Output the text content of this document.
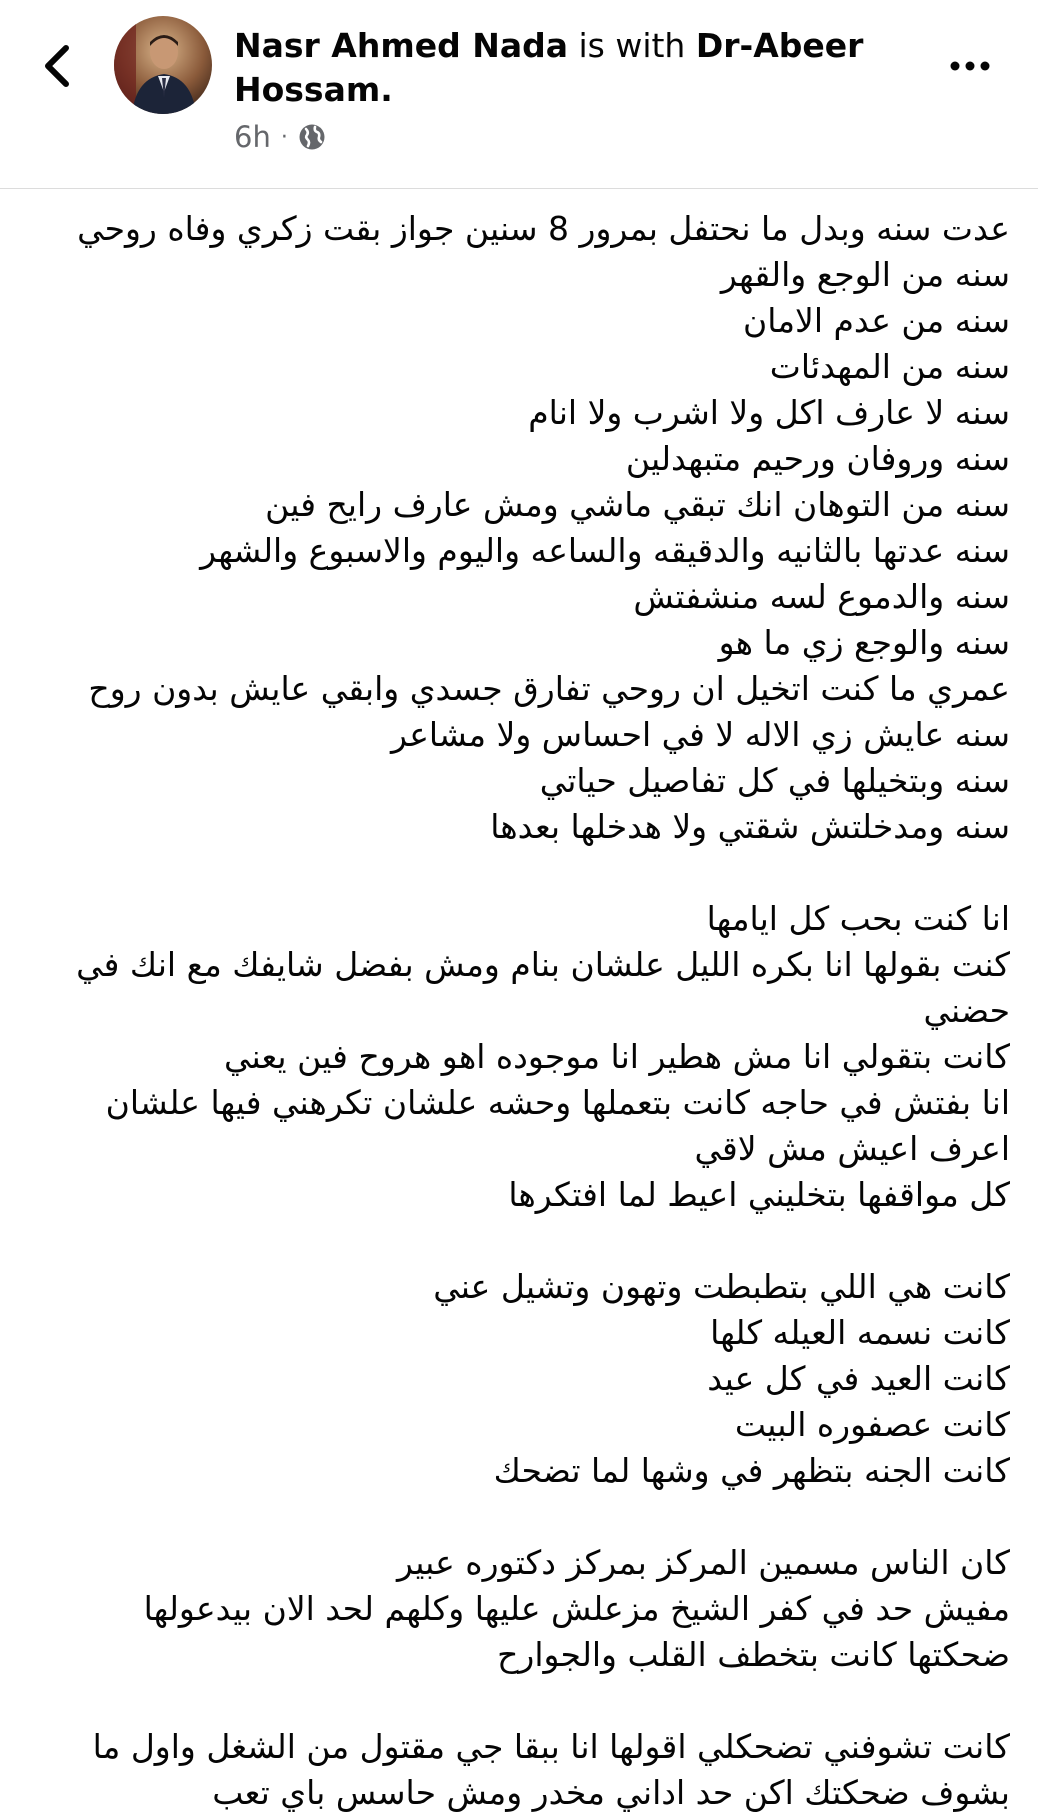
Nasr Ahmed Nada is with Dr-Abeer

Hossam.

6h ·

عدت سنه وبدل ما نحتفل بمرور 8 سنين جواز بقت زكري وفاه روحي

سنه من الوجع والقهر

سنه من عدم الامان

سنه من المهدئات

سنه لا عارف اكل ولا اشرب ولا انام

سنه وروفان ورحيم متبهدلين

سنه من التوهان انك تبقي ماشي ومش عارف رايح فين

سنه عدتها بالثانيه والدقيقه والساعه واليوم والاسبوع والشهر

سنه والدموع لسه منشفتش

سنه والوجع زي ما هو

عمري ما كنت اتخيل ان روحي تفارق جسدي وابقي عايش بدون روح

سنه عايش زي الاله لا في احساس ولا مشاعر

سنه وبتخيلها في كل تفاصيل حياتي

سنه ومدخلتش شقتي ولا هدخلها بعدها

انا كنت بحب كل ايامها

كنت بقولها انا بكره الليل علشان بنام ومش بفضل شايفك مع انك في حضني

كانت بتقولي انا مش هطير انا موجوده اهو هروح فين يعني

انا بفتش في حاجه كانت بتعملها وحشه علشان تكرهني فيها علشان اعرف اعيش مش لاقي

كل مواقفها بتخليني اعيط لما افتكرها

كانت هي اللي بتطبطت وتهون وتشيل عني

كانت نسمه العيله كلها

كانت العيد في كل عيد

كانت عصفوره البيت

كانت الجنه بتظهر في وشها لما تضحك

كان الناس مسمين المركز بمركز دكتوره عبير

مفيش حد في كفر الشيخ مزعلش عليها وكلهم لحد الان بيدعولها

ضحكتها كانت بتخطف القلب والجوارح

كانت تشوفني تضحكلي اقولها انا ببقا جي مقتول من الشغل واول ما بشوف ضحكتك اكن حد اداني مخدر ومش حاسس باي تعب
